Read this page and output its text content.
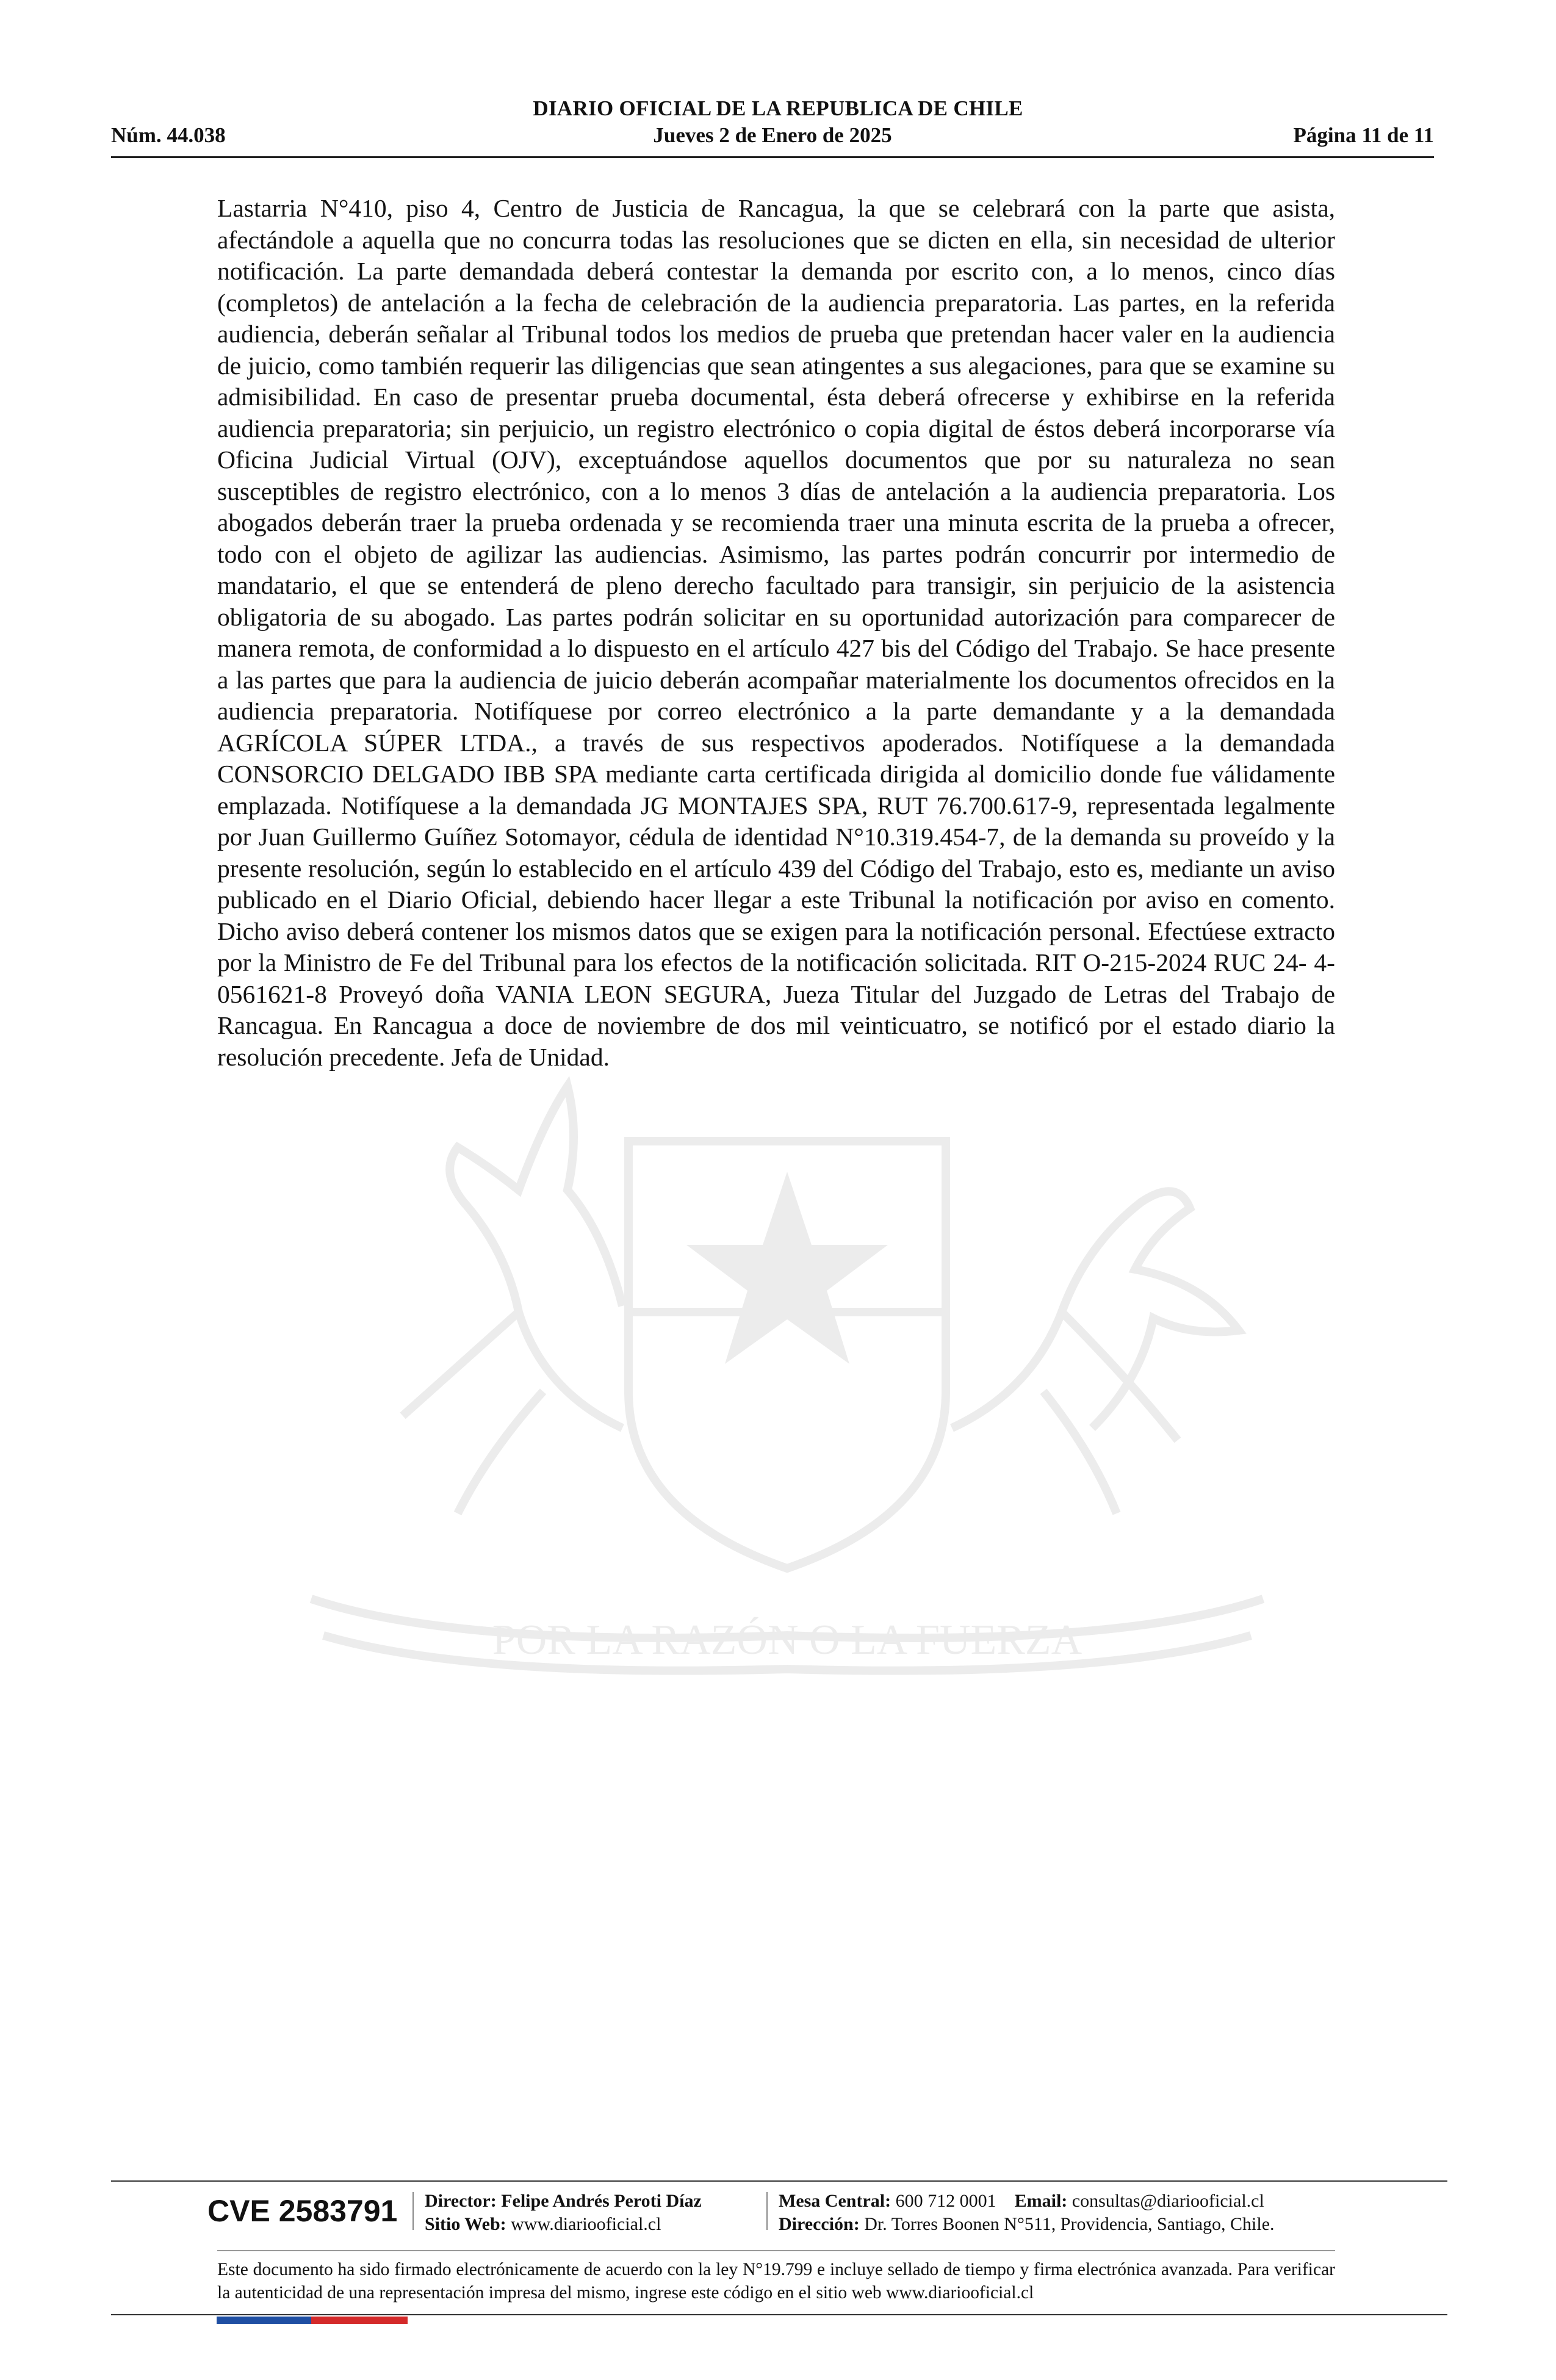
DIARIO OFICIAL DE LA REPUBLICA DE CHILE
Núm. 44.038	Jueves 2 de Enero de 2025	Página 11 de 11
POR LA RAZÓN O LA FUERZA
Lastarria N°410, piso 4, Centro de Justicia de Rancagua, la que se celebrará con la parte que asista, afectándole a aquella que no concurra todas las resoluciones que se dicten en ella, sin necesidad de ulterior notificación. La parte demandada deberá contestar la demanda por escrito con, a lo menos, cinco días (completos) de antelación a la fecha de celebración de la audiencia preparatoria. Las partes, en la referida audiencia, deberán señalar al Tribunal todos los medios de prueba que pretendan hacer valer en la audiencia de juicio, como también requerir las diligencias que sean atingentes a sus alegaciones, para que se examine su admisibilidad. En caso de presentar prueba documental, ésta deberá ofrecerse y exhibirse en la referida audiencia preparatoria; sin perjuicio, un registro electrónico o copia digital de éstos deberá incorporarse vía Oficina Judicial Virtual (OJV), exceptuándose aquellos documentos que por su naturaleza no sean susceptibles de registro electrónico, con a lo menos 3 días de antelación a la audiencia preparatoria. Los abogados deberán traer la prueba ordenada y se recomienda traer una minuta escrita de la prueba a ofrecer, todo con el objeto de agilizar las audiencias. Asimismo, las partes podrán concurrir por intermedio de mandatario, el que se entenderá de pleno derecho facultado para transigir, sin perjuicio de la asistencia obligatoria de su abogado. Las partes podrán solicitar en su oportunidad autorización para comparecer de manera remota, de conformidad a lo dispuesto en el artículo 427 bis del Código del Trabajo. Se hace presente a las partes que para la audiencia de juicio deberán acompañar materialmente los documentos ofrecidos en la audiencia preparatoria. Notifíquese por correo electrónico a la parte demandante y a la demandada AGRÍCOLA SÚPER LTDA., a través de sus respectivos apoderados. Notifíquese a la demandada CONSORCIO DELGADO IBB SPA mediante carta certificada dirigida al domicilio donde fue válidamente emplazada. Notifíquese a la demandada JG MONTAJES SPA, RUT 76.700.617-9, representada legalmente por Juan Guillermo Guíñez Sotomayor, cédula de identidad N°10.319.454-7, de la demanda su proveído y la presente resolución, según lo establecido en el artículo 439 del Código del Trabajo, esto es, mediante un aviso publicado en el Diario Oficial, debiendo hacer llegar a este Tribunal la notificación por aviso en comento. Dicho aviso deberá contener los mismos datos que se exigen para la notificación personal. Efectúese extracto por la Ministro de Fe del Tribunal para los efectos de la notificación solicitada. RIT O-215-2024 RUC 24- 4-0561621-8 Proveyó doña VANIA LEON SEGURA, Jueza Titular del Juzgado de Letras del Trabajo de Rancagua. En Rancagua a doce de noviembre de dos mil veinticuatro, se notificó por el estado diario la resolución precedente. Jefa de Unidad.
CVE 2583791 Director: Felipe Andrés Peroti Díaz
Sitio Web: www.diariooficial.cl
Mesa Central: 600 712 0001 Email: consultas@diariooficial.cl
Dirección: Dr. Torres Boonen N°511, Providencia, Santiago, Chile.
Este documento ha sido firmado electrónicamente de acuerdo con la ley N°19.799 e incluye sellado de tiempo y firma electrónica avanzada. Para verificar la autenticidad de una representación impresa del mismo, ingrese este código en el sitio web www.diariooficial.cl
